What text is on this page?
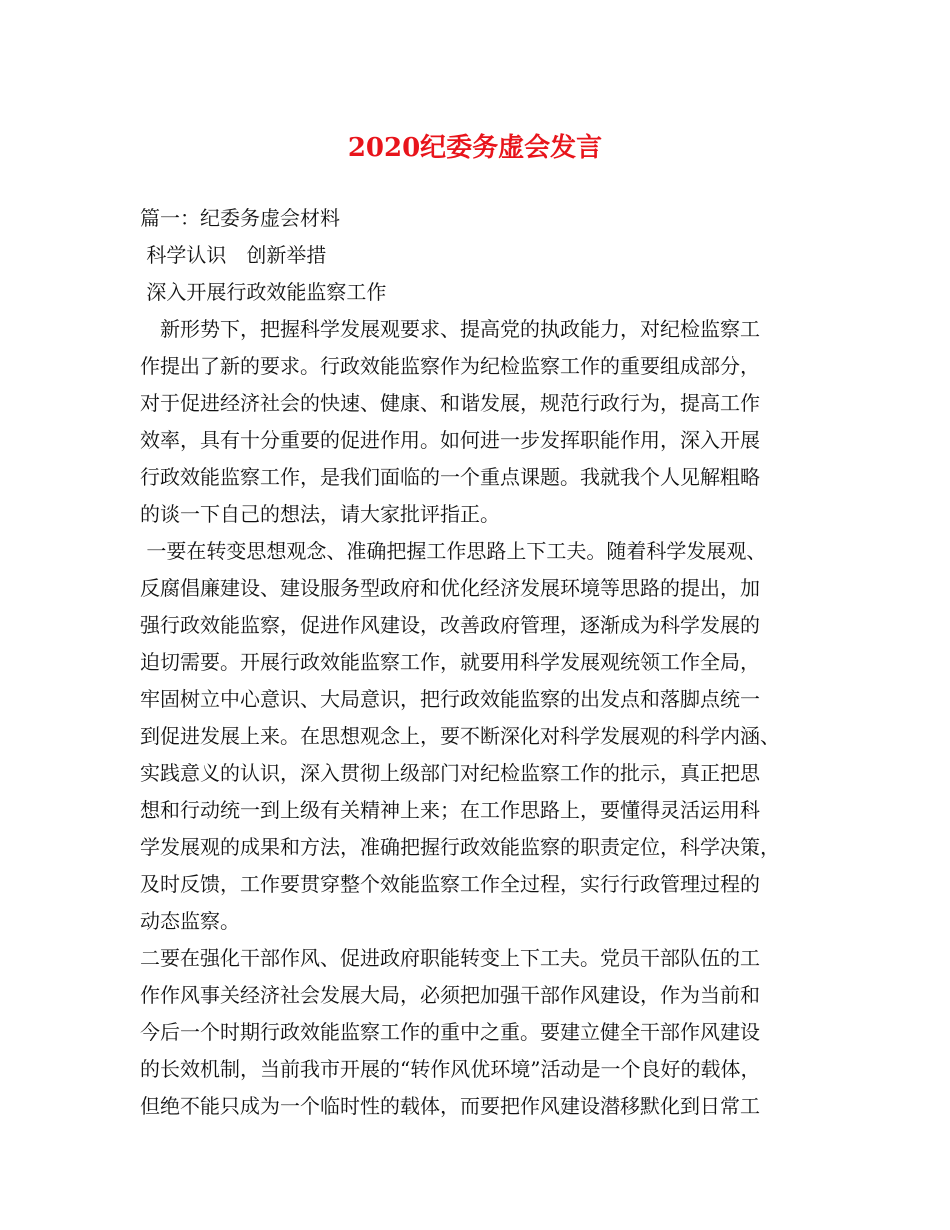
2020纪委务虚会发言
篇一：纪委务虚会材料
科学认识　创新举措
深入开展行政效能监察工作
　新形势下，把握科学发展观要求、提高党的执政能力，对纪检监察工
作提出了新的要求。行政效能监察作为纪检监察工作的重要组成部分，
对于促进经济社会的快速、健康、和谐发展，规范行政行为，提高工作
效率，具有十分重要的促进作用。如何进一步发挥职能作用，深入开展
行政效能监察工作，是我们面临的一个重点课题。我就我个人见解粗略
的谈一下自己的想法，请大家批评指正。
一要在转变思想观念、准确把握工作思路上下工夫。随着科学发展观、
反腐倡廉建设、建设服务型政府和优化经济发展环境等思路的提出，加
强行政效能监察，促进作风建设，改善政府管理，逐渐成为科学发展的
迫切需要。开展行政效能监察工作，就要用科学发展观统领工作全局，
牢固树立中心意识、大局意识，把行政效能监察的出发点和落脚点统一
到促进发展上来。在思想观念上，要不断深化对科学发展观的科学内涵、
实践意义的认识，深入贯彻上级部门对纪检监察工作的批示，真正把思
想和行动统一到上级有关精神上来；在工作思路上，要懂得灵活运用科
学发展观的成果和方法，准确把握行政效能监察的职责定位，科学决策，
及时反馈，工作要贯穿整个效能监察工作全过程，实行行政管理过程的
动态监察。
二要在强化干部作风、促进政府职能转变上下工夫。党员干部队伍的工
作作风事关经济社会发展大局，必须把加强干部作风建设，作为当前和
今后一个时期行政效能监察工作的重中之重。要建立健全干部作风建设
的长效机制，当前我市开展的“转作风优环境”活动是一个良好的载体，
但绝不能只成为一个临时性的载体，而要把作风建设潜移默化到日常工
